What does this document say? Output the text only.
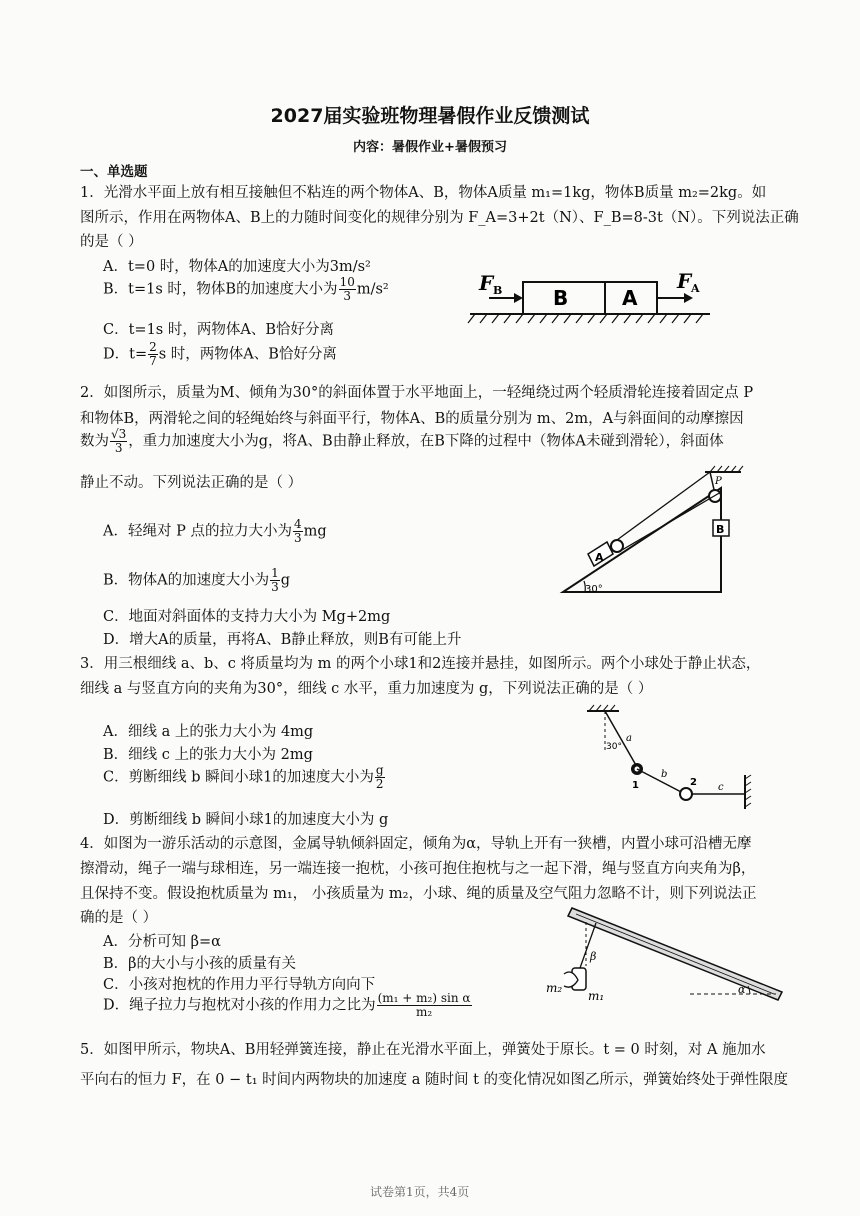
2027届实验班物理暑假作业反馈测试
内容：暑假作业+暑假预习
一、单选题
1．光滑水平面上放有相互接触但不粘连的两个物体A、B，物体A质量 m₁=1kg，物体B质量 m₂=2kg。如
图所示，作用在两物体A、B上的力随时间变化的规律分别为 F_A=3+2t（N）、F_B=8-3t（N）。下列说法正确
的是（ ）
A．t=0 时，物体A的加速度大小为3m/s²
B．t=1s 时，物体B的加速度大小为 $\frac{10}{3} m/s^2$
C．t=1s 时，两物体A、B恰好分离
D．$t= \frac{2}{7}$ s 时，两物体A、B恰好分离
F B	B	A
F A
2．如图所示，质量为M、倾角为30°的斜面体置于水平地面上，一轻绳绕过两个轻质滑轮连接着固定点 P
和物体B，两滑轮之间的轻绳始终与斜面平行，物体A、B的质量分别为 m、2m，A与斜面间的动摩擦因
数为 $\frac{√3}{3}$ ，重力加速度大小为g，将A、B由静止释放，在B下降的过程中（物体A未碰到滑轮），斜面体
静止不动。下列说法正确的是（ ）
A．轻绳对 P 点的拉力大小为 $\frac{4}{3}$ mg
B．物体A的加速度大小为 $\frac{1}{3}$ g
C．地面对斜面体的支持力大小为 Mg+2mg
D．增大A的质量，再将A、B静止释放，则B有可能上升
P
B
A
30°
3．用三根细线 a、b、c 将质量均为 m 的两个小球1和2连接并悬挂，如图所示。两个小球处于静止状态，
细线 a 与竖直方向的夹角为30°，细线 c 水平，重力加速度为 g，下列说法正确的是（ ）
A．细线 a 上的张力大小为 4mg
B．细线 c 上的张力大小为 2mg
C．剪断细线 b 瞬间小球1的加速度大小为 $\frac{g}{2}$
D．剪断细线 b 瞬间小球1的加速度大小为 g
30°
a
b
c
1	2
4．如图为一游乐活动的示意图，金属导轨倾斜固定，倾角为α，导轨上开有一狭槽，内置小球可沿槽无摩
擦滑动，绳子一端与球相连，另一端连接一抱枕，小孩可抱住抱枕与之一起下滑，绳与竖直方向夹角为β，
且保持不变。假设抱枕质量为 m₁， 小孩质量为 m₂，小球、绳的质量及空气阻力忽略不计，则下列说法正
确的是（ ）
A．分析可知 β=α
B．β的大小与小孩的质量有关
C．小孩对抱枕的作用力平行导轨方向向下
D．绳子拉力与抱枕对小孩的作用力之比为 $\frac{\text{(m₁ + m₂) sin α}}{\text{m₂}}$
β
α
m₂
m₁
5．如图甲所示，物块A、B用轻弹簧连接，静止在光滑水平面上，弹簧处于原长。t = 0 时刻，对 A 施加水
平向右的恒力 F，在 0 − t₁ 时间内两物块的加速度 a 随时间 t 的变化情况如图乙所示，弹簧始终处于弹性限度
试卷第1页，共4页
